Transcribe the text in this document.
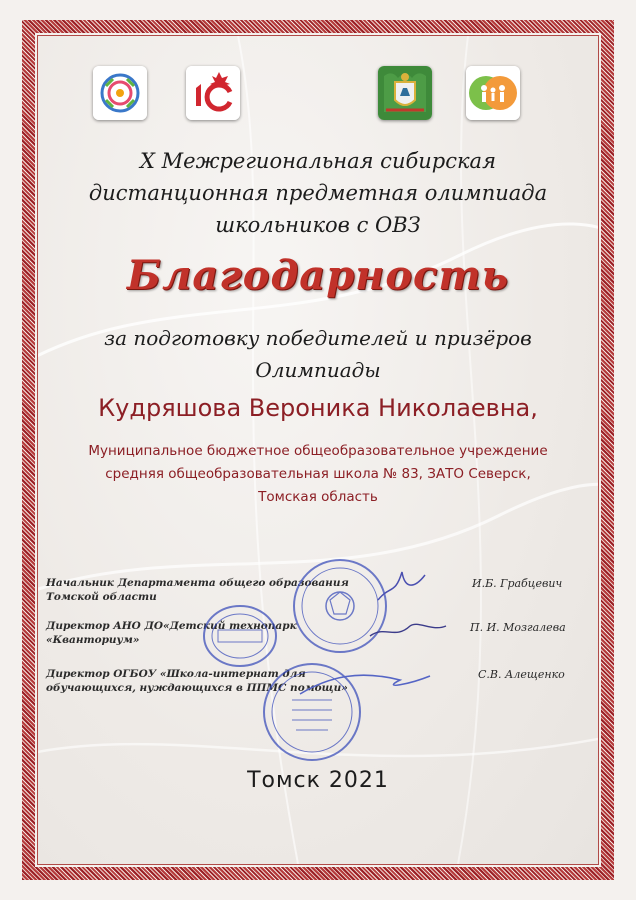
X Межрегиональная сибирская
дистанционная предметная олимпиада
школьников с ОВЗ
Благодарность
за подготовку победителей и призёров
Олимпиады
Кудряшова Вероника Николаевна,
Муниципальное бюджетное общеобразовательное учреждение
средняя общеобразовательная школа № 83, ЗАТО Северск,
Томская область
Начальник Департамента общего образования
Томской области
И.Б. Грабцевич
Директор АНО ДО«Детский технопарк
«Кванториум»
П. И. Мозгалева
Директор ОГБОУ «Школа-интернат для
обучающихся, нуждающихся в ППМС помощи»
С.В. Алещенко
Томск 2021
